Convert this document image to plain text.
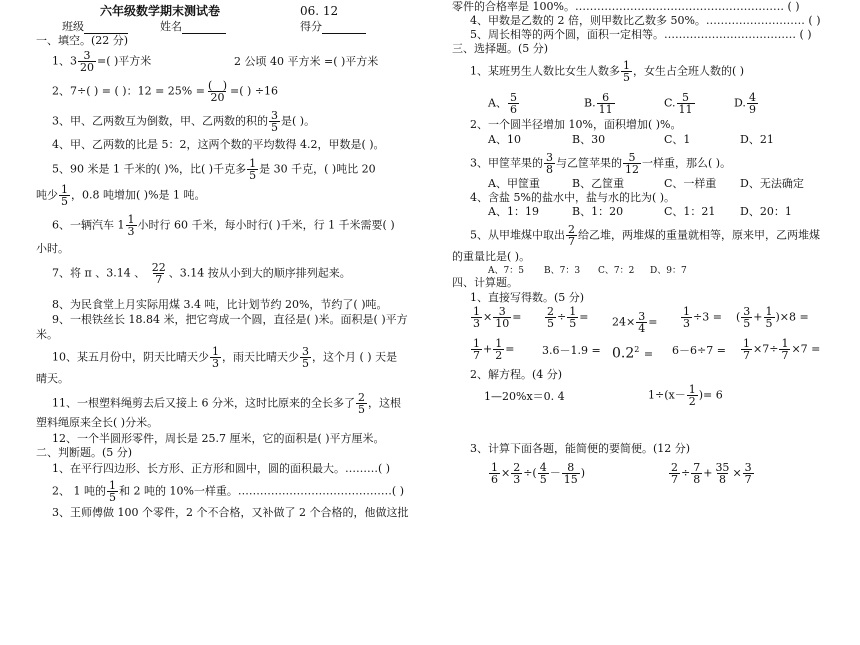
六年级数学期末测试卷	06. 12
班级	姓名	得分
一、填空。(22 分)
1、$3 \frac{3}{20}$ =( )平方米	2 公顷 40 平方米 =( )平方米
2、7÷( ) = ( )：12 = 25% = (   )
20 =( ) ÷16
3、甲、乙两数互为倒数，甲、乙两数的积的 $\frac{3}{5}$ 是( )。
4、甲、乙两数的比是 5：2，这两个数的平均数得 4.2，甲数是( )。
5、90 米是 1 千米的( )%，比( )千克多 $\frac{1}{5}$ 是 30 千克，( )吨比 20
吨少 $\frac{1}{5}$ ，0.8 吨增加( )%是 1 吨。
6、一辆汽车 $1 \frac{1}{3}$ 小时行 60 千米，每小时行( )千米，行 1 千米需要( )
小时。
7、将 π 、3.14 、 $\frac{22}{7}$ 、3.14 按从小到大的顺序排列起来。
8、为民食堂上月实际用煤 3.4 吨，比计划节约 20%，节约了( )吨。
9、一根铁丝长 18.84 米，把它弯成一个圆，直径是( )米。面积是( )平方
米。
10、某五月份中，阴天比晴天少 $\frac{1}{3}$ ，雨天比晴天少 $\frac{3}{5}$ ，这个月 ( ) 天是
晴天。
11、一根塑料绳剪去后又接上 6 分米，这时比原来的全长多了 $\frac{2}{5}$ ，这根
塑料绳原来全长( )分米。
12、一个半圆形零件，周长是 25.7 厘米，它的面积是( )平方厘米。
二、判断题。(5 分)
1、在平行四边形、长方形、正方形和圆中，圆的面积最大。………( )
2、 1 吨的 $\frac{1}{5}$ 和 2 吨的 10%一样重。……………………………………( )
3、王师傅做 100 个零件，2 个不合格，又补做了 2 个合格的，他做这批
零件的合格率是 100%。………………………………………………… ( )
4、甲数是乙数的 2 倍，则甲数比乙数多 50%。……………………… ( )
5、周长相等的两个圆，面积一定相等。……………………………… ( )
三、选择题。(5 分)
1、某班男生人数比女生人数多 $\frac{1}{5}$ ，女生占全班人数的( )
A、 $\frac{5}{6}$	B. $\frac{6}{11}$	C. $\frac{5}{11}$	D. $\frac{4}{9}$
2、一个圆半径增加 10%，面积增加( )%。
A、10	B、30	C、1	D、21
3、甲筐苹果的 $\frac{3}{8}$ 与乙筐苹果的 $\frac{5}{12}$ 一样重，那么( )。
A、甲筐重	B、乙筐重	C、一样重 D、无法确定
4、含盐 5%的盐水中，盐与水的比为( )。
A、1：19	B、1：20	C、1：21 D、20：1
5、从甲堆煤中取出 $\frac{2}{7}$ 给乙堆，两堆煤的重量就相等，原来甲，乙两堆煤
的重量比是( )。
A、7：5 B、7：3 C、7：2 D、9：7
四、计算题。
1、直接写得数。(5 分)
$\frac{1}{3} \times \frac{3}{10} = \frac{2}{5} \div \frac{1}{5} = 24\times \frac{3}{4} = \frac{1}{3} \div 3$ = ( $\frac{3}{5} + \frac{1}{5} )\times 8$ =
$\frac{1}{7} + \frac{1}{2}$ =	$3.6-1.9 = 0.2^2 = 6-6\div 7 = \frac{1}{7} \times 7\div \frac{1}{7} \times 7$ =
2、解方程。(4 分)
1—20%x＝0. 4	$1\div(x- \frac{1}{2}$ )= 6
3、计算下面各题，能简便的要简便。(12 分)
$\frac{1}{6} \times \frac{2}{3}$ ÷( $\frac{4}{5} - \frac{8}{15}$ )	$\frac{2}{7} \div \frac{7}{8} + \frac{35}{8} \times \frac{3}{7}$
